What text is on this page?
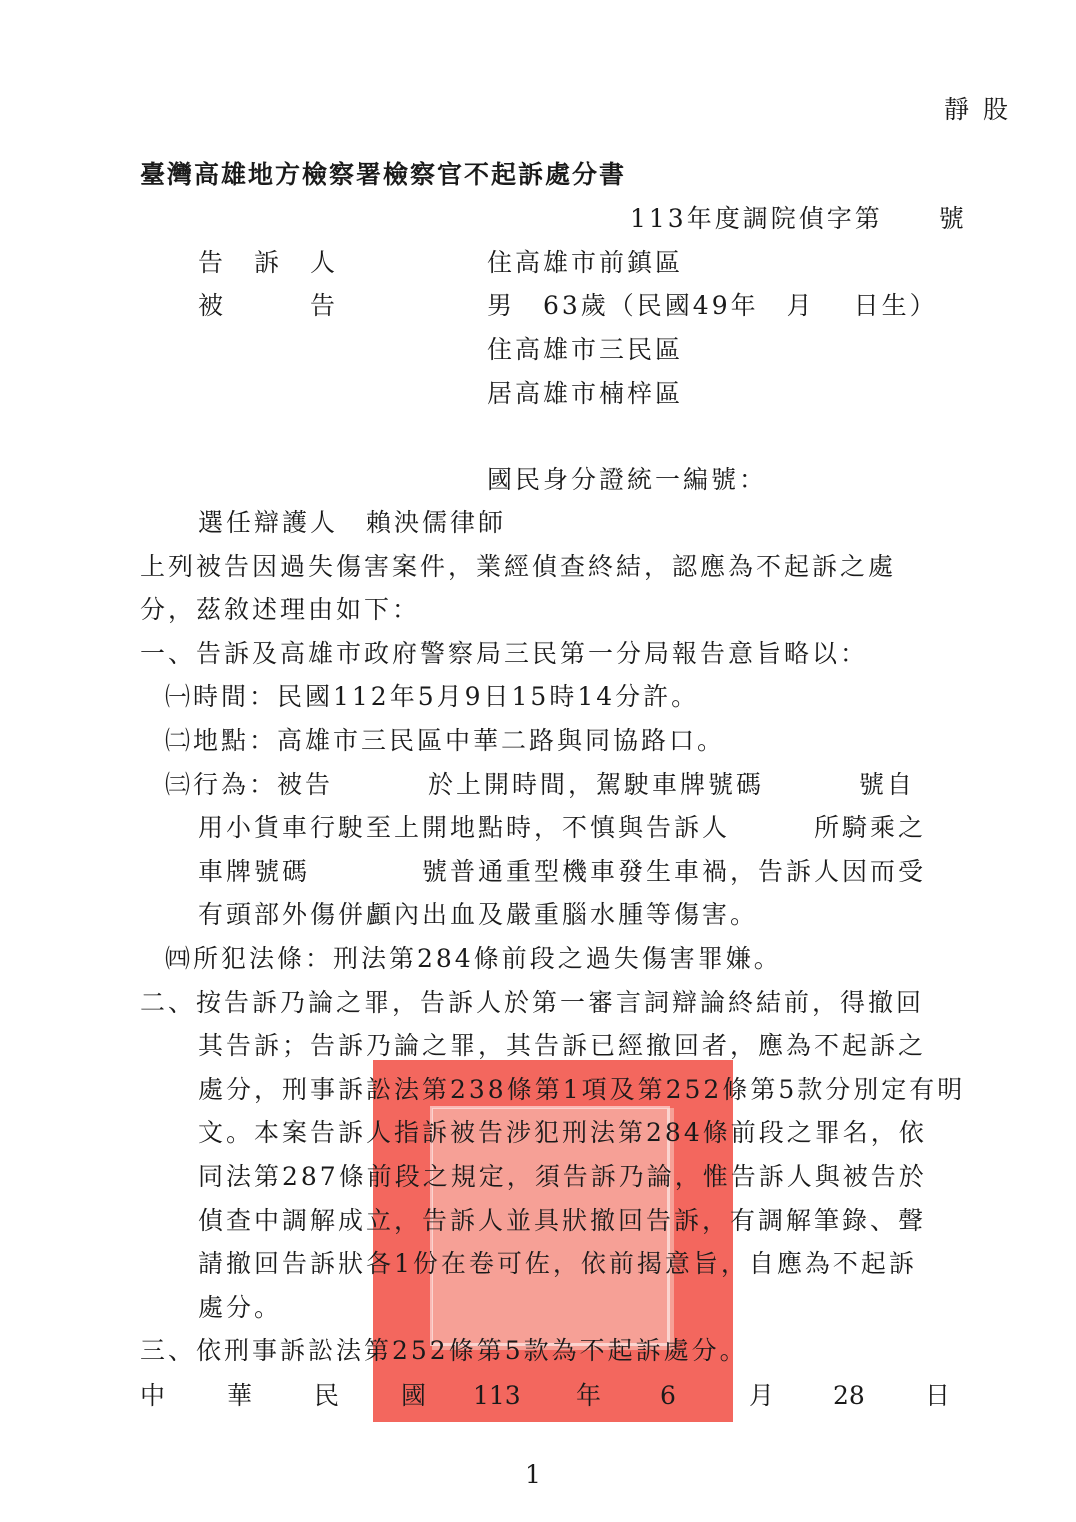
靜 股
臺灣高雄地方檢察署檢察官不起訴處分書
113年度調院偵字第　　號
告　訴　人	住高雄市前鎮區
被　　　告	男　63歲（民國49年　月　 日生）
住高雄市三民區
居高雄市楠梓區
國民身分證統一編號：
選任辯護人　賴泱儒律師
上列被告因過失傷害案件，業經偵查終結，認應為不起訴之處
分，茲敘述理由如下：
一、告訴及高雄市政府警察局三民第一分局報告意旨略以：
㈠時間：民國112年5月9日15時14分許。
㈡地點：高雄市三民區中華二路與同協路口。
㈢行為：被告　　　 於上開時間，駕駛車牌號碼　　　 號自
用小貨車行駛至上開地點時，不慎與告訴人　　　所騎乘之
車牌號碼　　　　號普通重型機車發生車禍，告訴人因而受
有頭部外傷併顱內出血及嚴重腦水腫等傷害。
㈣所犯法條：刑法第284條前段之過失傷害罪嫌。
二、按告訴乃論之罪，告訴人於第一審言詞辯論終結前，得撤回
其告訴；告訴乃論之罪，其告訴已經撤回者，應為不起訴之
處分，刑事訴訟法第238條第1項及第252條第5款分別定有明
文。本案告訴人指訴被告涉犯刑法第284條前段之罪名，依
同法第287條前段之規定，須告訴乃論，惟告訴人與被告於
偵查中調解成立，告訴人並具狀撤回告訴，有調解筆錄、聲
請撤回告訴狀各1份在卷可佐，依前揭意旨，自應為不起訴
處分。
三、依刑事訴訟法第252條第5款為不起訴處分。
中 華 民 國 113 年 6	月 28 日
1
